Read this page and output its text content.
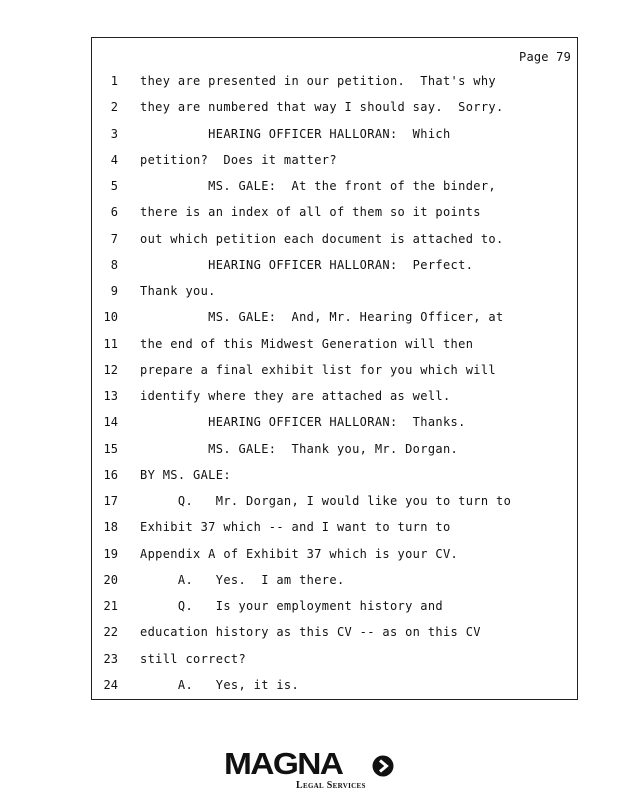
Page 79
1 they are presented in our petition.  That's why
2 they are numbered that way I should say.  Sorry.
3 HEARING OFFICER HALLORAN:  Which
4 petition?  Does it matter?
5 MS. GALE:  At the front of the binder,
6 there is an index of all of them so it points
7 out which petition each document is attached to.
8 HEARING OFFICER HALLORAN:  Perfect.
9 Thank you.
10 MS. GALE:  And, Mr. Hearing Officer, at
11 the end of this Midwest Generation will then
12 prepare a final exhibit list for you which will
13 identify where they are attached as well.
14 HEARING OFFICER HALLORAN:  Thanks.
15 MS. GALE:  Thank you, Mr. Dorgan.
16 BY MS. GALE:
17 Q.   Mr. Dorgan, I would like you to turn to
18 Exhibit 37 which -- and I want to turn to
19 Appendix A of Exhibit 37 which is your CV.
20 A.   Yes.  I am there.
21 Q.   Is your employment history and
22 education history as this CV -- as on this CV
23 still correct?
24 A.   Yes, it is.
MAGNA
Legal Services
